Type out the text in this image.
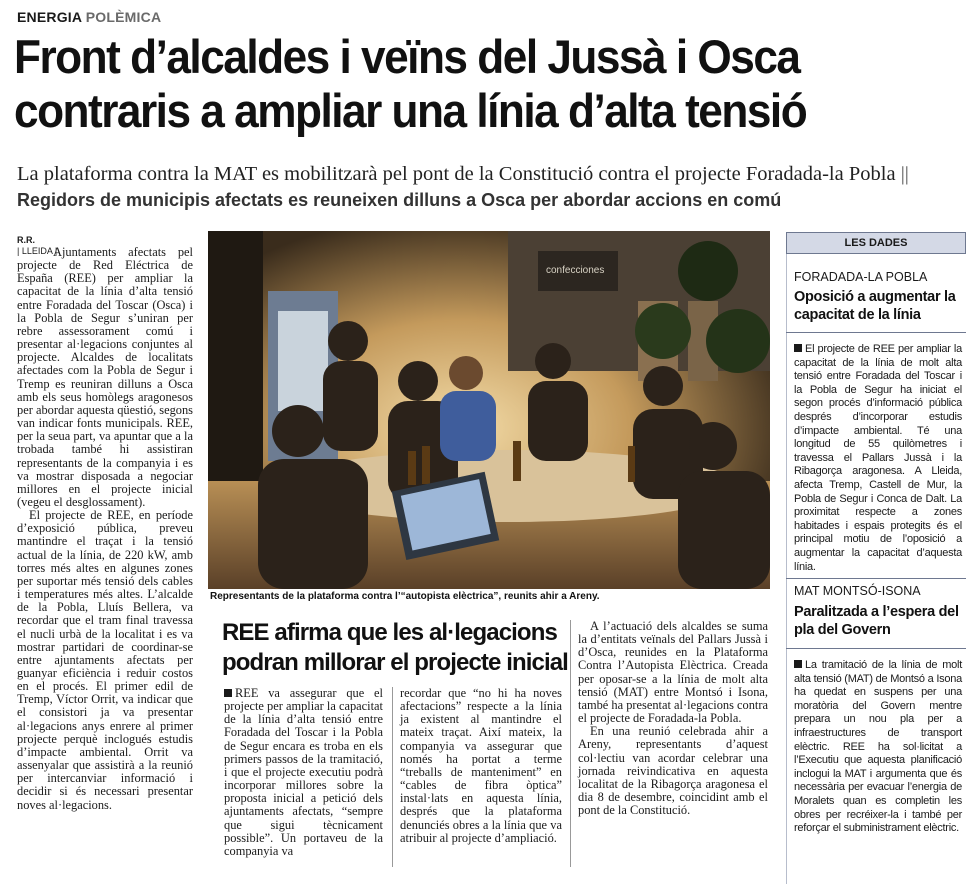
ENERGIA POLÈMICA
Front d’alcaldes i veïns del Jussà i Osca
contraris a ampliar una línia d’alta tensió
La plataforma contra la MAT es mobilitzarà pel pont de la Constitució contra el projecte Foradada-la Pobla || Regidors de municipis afectats es reuneixen dilluns a Osca per abordar accions en comú
R.R.
| LLEIDA |

Ajuntaments afectats pel projecte de Red Eléctrica de España (REE) per ampliar la capacitat de la línia d’alta tensió entre Foradada del Toscar (Osca) i la Pobla de Segur s’uniran per rebre assessorament comú i presentar al·legacions conjuntes al projecte. Alcaldes de localitats afectades com la Pobla de Segur i Tremp es reuniran dilluns a Osca amb els seus homòlegs aragonesos per abordar aquesta qüestió, segons van indicar fonts municipals. REE, per la seua part, va apuntar que a la trobada també hi assistiran representants de la companyia i es va mostrar disposada a negociar millores en el projecte inicial (vegeu el desglossament).

El projecte de REE, en període d’exposició pública, preveu mantindre el traçat i la tensió actual de la línia, de 220 kW, amb torres més altes en algunes zones per suportar més tensió dels cables i temperatures més altes. L’alcalde de la Pobla, Lluís Bellera, va recordar que el tram final travessa el nucli urbà de la localitat i es va mostrar partidari de coordinar-se entre ajuntaments afectats per guanyar eficiència i reduir costos en el procés. El primer edil de Tremp, Víctor Orrit, va indicar que el consistori ja va presentar al·legacions anys enrere al primer projecte perquè inclogués estudis d’impacte ambiental. Orrit va assenyalar que assistirà a la reunió per intercanviar informació i decidir si és necessari presentar noves al·legacions.

confecciones
Representants de la plataforma contra l’“autopista elèctrica”, reunits ahir a Areny.
REE afirma que les al·legacions podran millorar el projecte inicial

REE va assegurar que el projecte per ampliar la capacitat de la línia d’alta tensió entre Foradada del Toscar i la Pobla de Segur encara es troba en els primers passos de la tramitació, i que el projecte executiu podrà incorporar millores sobre la proposta inicial a petició dels ajuntaments afectats, “sempre que sigui tècnicament possible”. Un portaveu de la companyia va

recordar que “no hi ha noves afectacions” respecte a la línia ja existent al mantindre el mateix traçat. Així mateix, la companyia va assegurar que només ha portat a terme “treballs de manteniment” en “cables de fibra òptica” instal·lats en aquesta línia, després que la plataforma denunciés obres a la línia que va atribuir al projecte d’ampliació.

A l’actuació dels alcaldes se suma la d’entitats veïnals del Pallars Jussà i d’Osca, reunides en la Plataforma Contra l’Autopista Elèctrica. Creada per oposar-se a la línia de molt alta tensió (MAT) entre Montsó i Isona, també ha presentat al·legacions contra el projecte de Foradada-la Pobla.

En una reunió celebrada ahir a Areny, representants d’aquest col·lectiu van acordar celebrar una jornada reivindicativa en aquesta localitat de la Ribagorça aragonesa el dia 8 de desembre, coincidint amb el pont de la Constitució.

LES DADES
FORADADA-LA POBLA
Oposició a augmentar la capacitat de la línia
El projecte de REE per ampliar la capacitat de la línia de molt alta tensió entre Foradada del Toscar i la Pobla de Segur ha iniciat el segon procés d’informació pública després d’incorporar estudis d’impacte ambiental. Té una longitud de 55 quilòmetres i travessa el Pallars Jussà i la Ribagorça aragonesa. A Lleida, afecta Tremp, Castell de Mur, la Pobla de Segur i Conca de Dalt. La proximitat respecte a zones habitades i espais protegits és el principal motiu de l’oposició a augmentar la capacitat d’aquesta línia.
MAT MONTSÓ-ISONA
Paralitzada a l’espera del pla del Govern
La tramitació de la línia de molt alta tensió (MAT) de Montsó a Isona ha quedat en suspens per una moratòria del Govern mentre prepara un nou pla per a infraestructures de transport elèctric. REE ha sol·licitat a l’Executiu que aquesta planificació inclogui la MAT i argumenta que és necessària per evacuar l’energia de Moralets quan es completin les obres per recréixer-la i també per reforçar el subministrament elèctric.
